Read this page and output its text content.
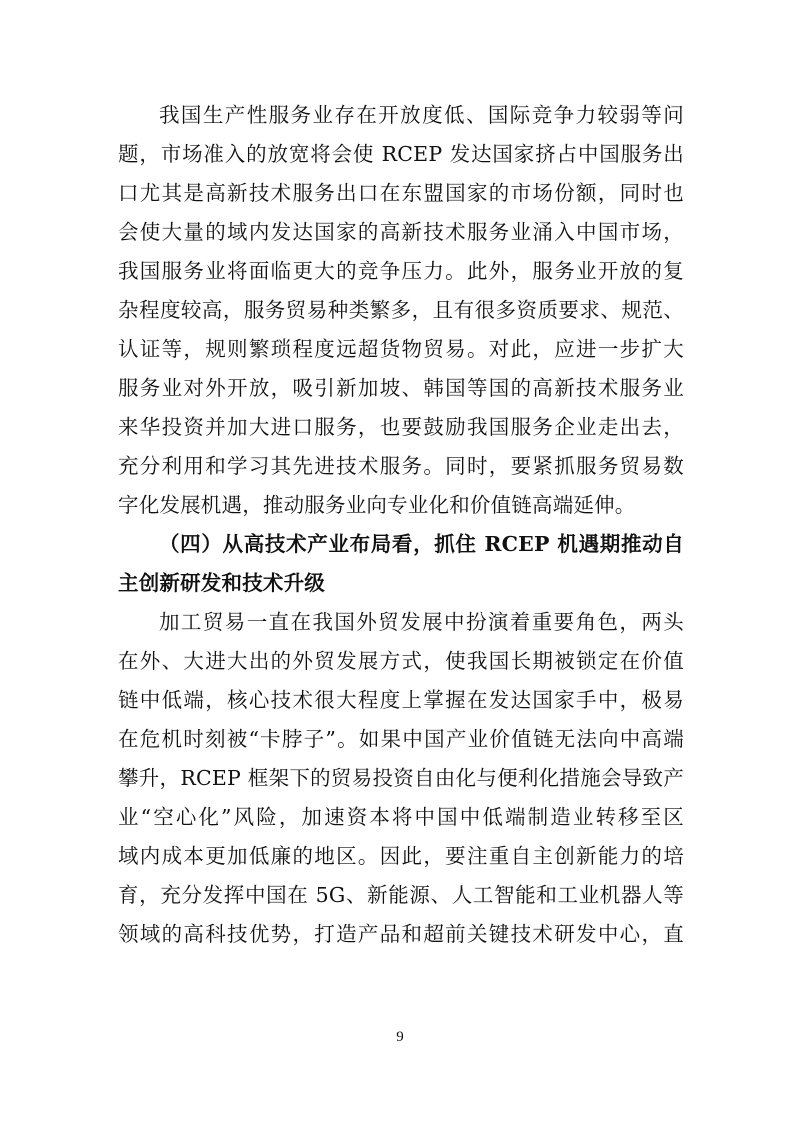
我国生产性服务业存在开放度低、国际竞争力较弱等问
题，市场准入的放宽将会使 RCEP 发达国家挤占中国服务出
口尤其是高新技术服务出口在东盟国家的市场份额，同时也
会使大量的域内发达国家的高新技术服务业涌入中国市场，
我国服务业将面临更大的竞争压力。此外，服务业开放的复
杂程度较高，服务贸易种类繁多，且有很多资质要求、规范、
认证等，规则繁琐程度远超货物贸易。对此，应进一步扩大
服务业对外开放，吸引新加坡、韩国等国的高新技术服务业
来华投资并加大进口服务，也要鼓励我国服务企业走出去，
充分利用和学习其先进技术服务。同时，要紧抓服务贸易数
字化发展机遇，推动服务业向专业化和价值链高端延伸。
（四）从高技术产业布局看，抓住 RCEP 机遇期推动自
主创新研发和技术升级
加工贸易一直在我国外贸发展中扮演着重要角色，两头
在外、大进大出的外贸发展方式，使我国长期被锁定在价值
链中低端，核心技术很大程度上掌握在发达国家手中，极易
在危机时刻被“卡脖子”。如果中国产业价值链无法向中高端
攀升，RCEP 框架下的贸易投资自由化与便利化措施会导致产
业“空心化”风险，加速资本将中国中低端制造业转移至区
域内成本更加低廉的地区。因此，要注重自主创新能力的培
育，充分发挥中国在 5G、新能源、人工智能和工业机器人等
领域的高科技优势，打造产品和超前关键技术研发中心，直
9
